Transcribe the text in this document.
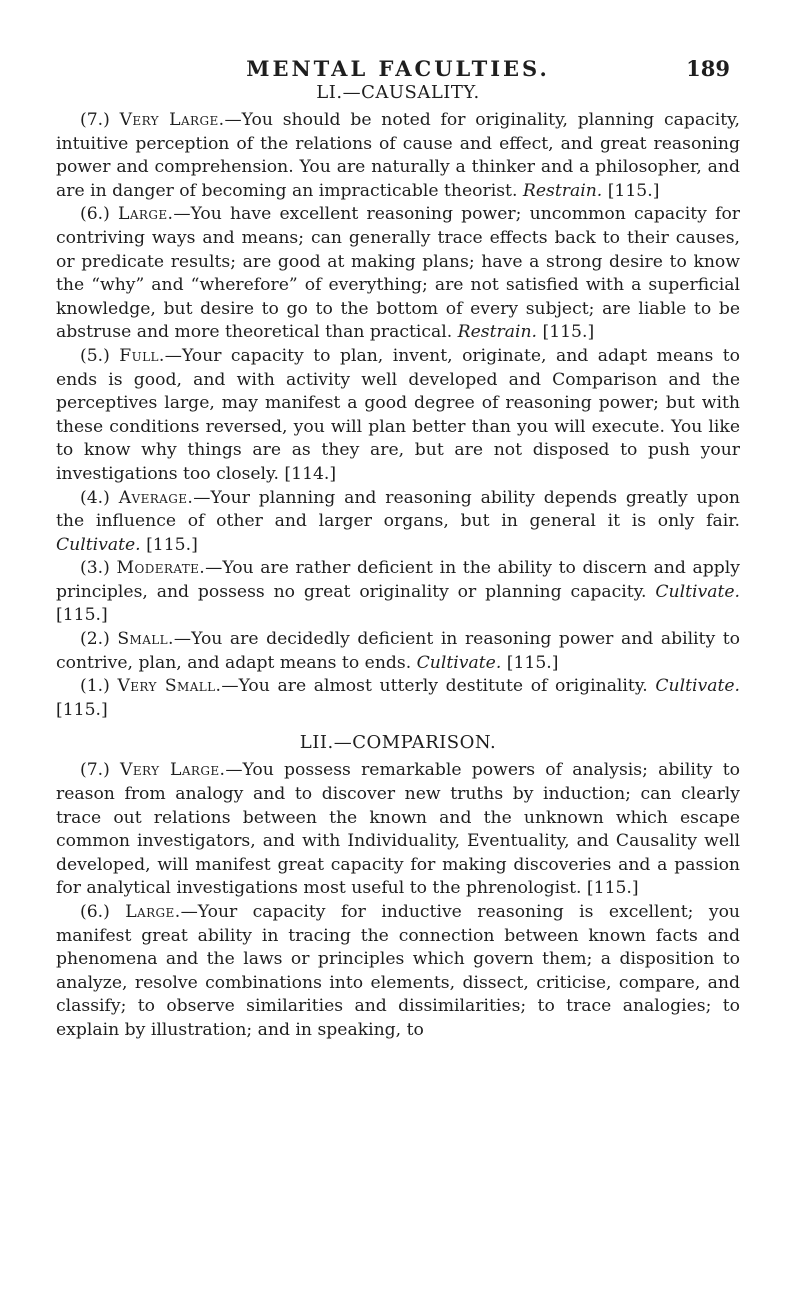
MENTAL FACULTIES.	189
LI.—CAUSALITY.

(7.) Very Large.—You should be noted for originality, planning capacity, intuitive perception of the relations of cause and effect, and great reasoning power and comprehension. You are naturally a thinker and a philosopher, and are in danger of becoming an impracticable theorist. Restrain. [115.]

(6.) Large.—You have excellent reasoning power; uncommon capacity for contriving ways and means; can generally trace effects back to their causes, or predicate results; are good at making plans; have a strong desire to know the “why” and “wherefore” of everything; are not satisfied with a superficial knowledge, but desire to go to the bottom of every subject; are liable to be abstruse and more theoretical than practical. Restrain. [115.]

(5.) Full.—Your capacity to plan, invent, originate, and adapt means to ends is good, and with activity well developed and Comparison and the perceptives large, may manifest a good degree of reasoning power; but with these conditions reversed, you will plan better than you will execute. You like to know why things are as they are, but are not disposed to push your investigations too closely. [114.]

(4.) Average.—Your planning and reasoning ability depends greatly upon the influence of other and larger organs, but in general it is only fair. Cultivate. [115.]

(3.) Moderate.—You are rather deficient in the ability to discern and apply principles, and possess no great originality or planning capacity. Cultivate. [115.]

(2.) Small.—You are decidedly deficient in reasoning power and ability to contrive, plan, and adapt means to ends. Cultivate. [115.]

(1.) Very Small.—You are almost utterly destitute of originality. Cultivate. [115.]

LII.—COMPARISON.

(7.) Very Large.—You possess remarkable powers of analysis; ability to reason from analogy and to discover new truths by induction; can clearly trace out relations between the known and the unknown which escape common investigators, and with Individuality, Eventuality, and Causality well developed, will manifest great capacity for making discoveries and a passion for analytical investigations most useful to the phrenologist. [115.]

(6.) Large.—Your capacity for inductive reasoning is excellent; you manifest great ability in tracing the connection between known facts and phenomena and the laws or principles which govern them; a disposition to analyze, resolve combinations into elements, dissect, criticise, compare, and classify; to observe similarities and dissimilarities; to trace analogies; to explain by illustration; and in speaking, to
